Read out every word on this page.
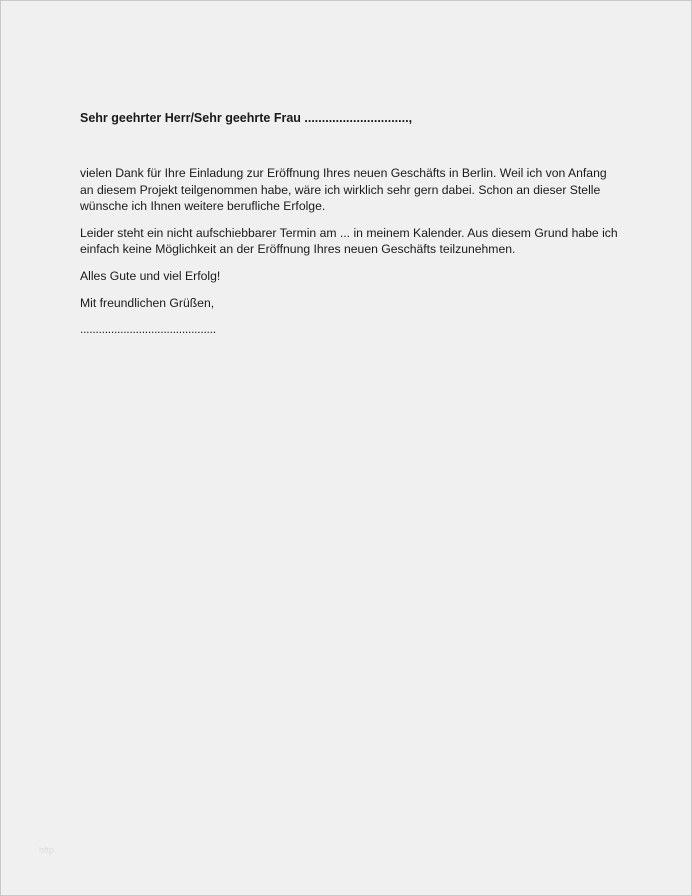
Sehr geehrter Herr/Sehr geehrte Frau ..............................,

vielen Dank für Ihre Einladung zur Eröffnung Ihres neuen Geschäfts in Berlin. Weil ich von Anfang an diesem Projekt teilgenommen habe, wäre ich wirklich sehr gern dabei. Schon an dieser Stelle wünsche ich Ihnen weitere berufliche Erfolge.

Leider steht ein nicht aufschiebbarer Termin am ... in meinem Kalender. Aus diesem Grund habe ich einfach keine Möglichkeit an der Eröffnung Ihres neuen Geschäfts teilzunehmen.

Alles Gute und viel Erfolg!

Mit freundlichen Grüßen,

............................................

http
